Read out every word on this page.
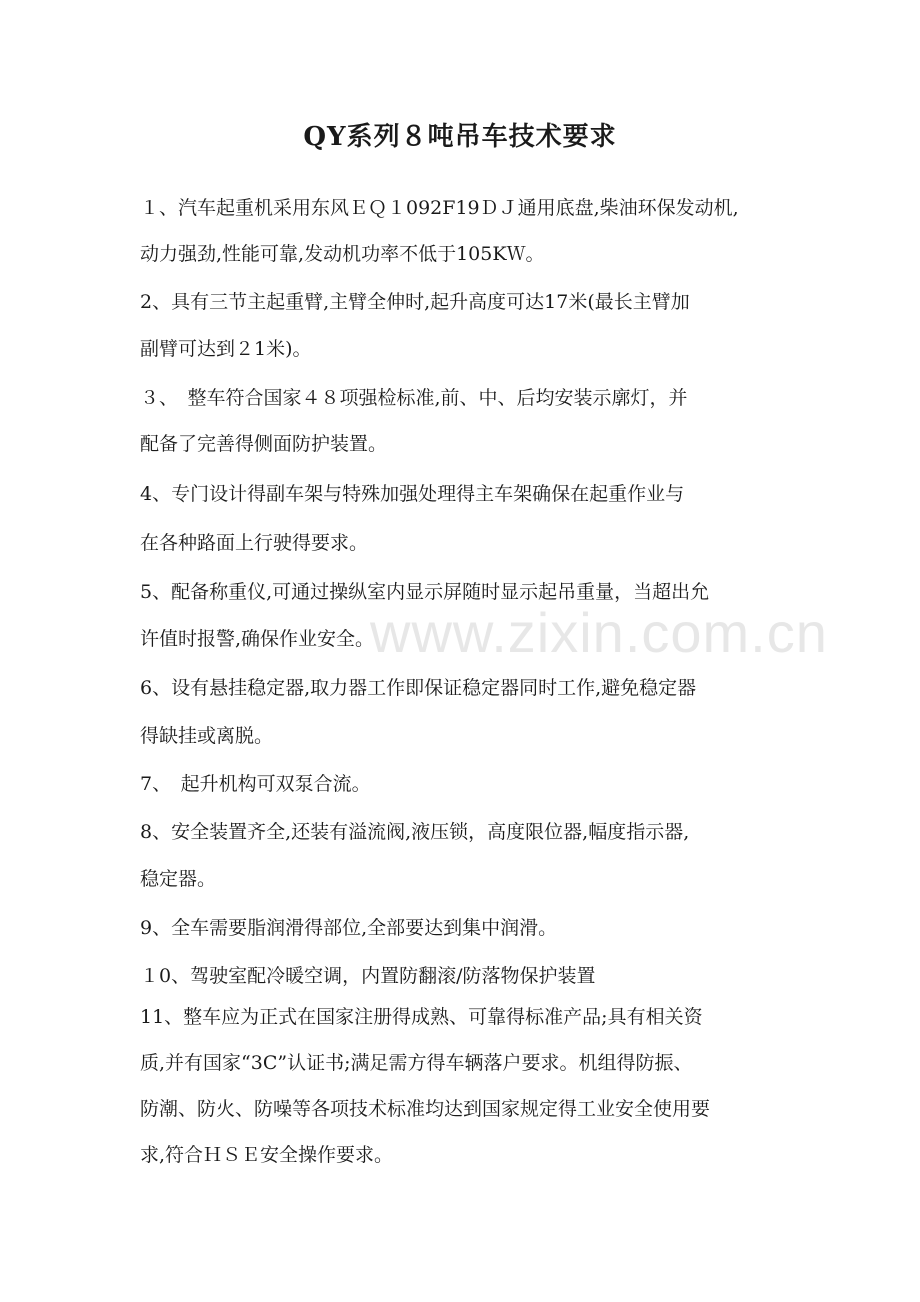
QY系列８吨吊车技术要求

１、汽车起重机采用东风ＥＱ１092F19ＤＪ通用底盘,柴油环保发动机,

动力强劲,性能可靠,发动机功率不低于105KＷ。

2、具有三节主起重臂,主臂全伸时,起升高度可达17米(最长主臂加

副臂可达到２1米)。

３、　整车符合国家４８项强检标准,前、中、后均安装示廓灯，并

配备了完善得侧面防护装置。

4、专门设计得副车架与特殊加强处理得主车架确保在起重作业与

在各种路面上行驶得要求。

5、配备称重仪,可通过操纵室内显示屏随时显示起吊重量，当超出允

许值时报警,确保作业安全。

6、设有悬挂稳定器,取力器工作即保证稳定器同时工作,避免稳定器

得缺挂或离脱。

7、　起升机构可双泵合流。

8、安全装置齐全,还装有溢流阀,液压锁，高度限位器,幅度指示器,

稳定器。

9、全车需要脂润滑得部位,全部要达到集中润滑。

１0、驾驶室配冷暖空调，内置防翻滚/防落物保护装置

11、整车应为正式在国家注册得成熟、可靠得标准产品;具有相关资

质,并有国家“3C”认证书;满足需方得车辆落户要求。机组得防振、

防潮、防火、防噪等各项技术标准均达到国家规定得工业安全使用要

求,符合ＨＳＥ安全操作要求。

www.zixin.com.cn
